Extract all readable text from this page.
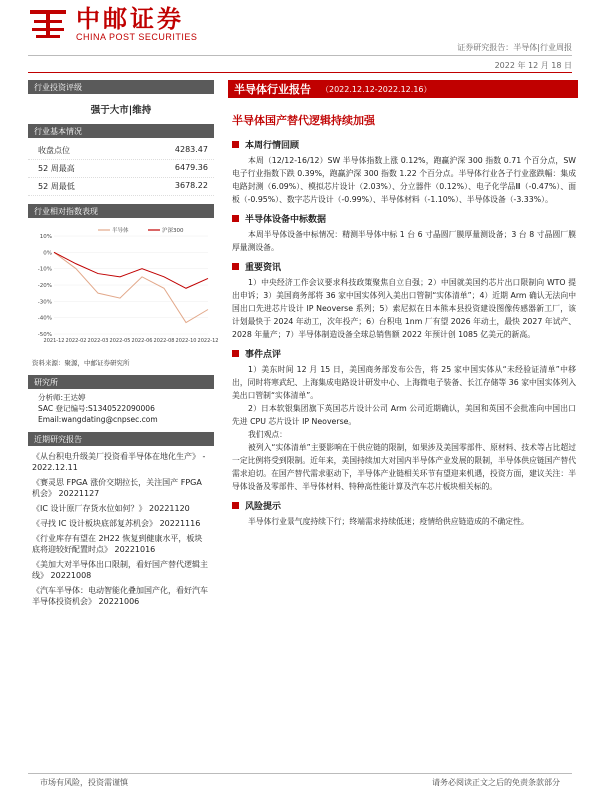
中邮证券
CHINA POST SECURITIES
证券研究报告：半导体|行业周报
2022 年 12 月 18 日
行业投资评级
强于大市|维持
行业基本情况
收盘点位	4283.47
52 周最高	6479.36
52 周最低	3678.22
行业相对指数表现
10%
0%
-10%
-20%
-30%
-40%
-50%
2021-12 2022-02 2022-03 2022-05 2022-06 2022-08 2022-10 2022-12
半导体	沪深300
资料来源：聚源，中邮证券研究所
研究所
分析师:王达婷
SAC 登记编号:S1340522090006
Email:wangdating@cnpsec.com
近期研究报告
《从台积电升级美厂投资看半导体在地化生产》 - 2022.12.11
《赛灵思 FPGA 涨价交期拉长，关注国产 FPGA 机会》 20221127
《IC 设计原厂存货水位如何？》 20221120
《寻找 IC 设计板块底部复苏机会》 20221116
《行业库存有望在 2H22 恢复到健康水平，板块底将迎较好配置时点》 20221016
《美加大对半导体出口限制，看好国产替代逻辑主线》 20221008
《汽车半导体：电动智能化叠加国产化，看好汽车半导体投资机会》 20221006
半导体行业报告 （2022.12.12-2022.12.16）
半导体国产替代逻辑持续加强
本周行情回顾
本周（12/12-16/12）SW 半导体指数上涨 0.12%，跑赢沪深 300 指数 0.71 个百分点，SW 电子行业指数下跌 0.39%，跑赢沪深 300 指数 1.22 个百分点。半导体行业各子行业涨跌幅：集成电路封测（6.09%）、模拟芯片设计（2.03%）、分立器件（0.12%）、电子化学品Ⅲ（-0.47%）、面板（-0.95%）、数字芯片设计（-0.99%）、半导体材料（-1.10%）、半导体设备（-3.33%）。
半导体设备中标数据
本周半导体设备中标情况：精测半导体中标 1 台 6 寸晶圆厂膜厚量测设备；3 台 8 寸晶圆厂膜厚量测设备。
重要资讯
1）中央经济工作会议要求科技政策聚焦自立自强；2）中国就美国约芯片出口限制向 WTO 提出申诉；3）美国商务部将 36 家中国实体列入美出口管制“实体清单”；4）近期 Arm 确认无法向中国出口先进芯片设计 IP Neoverse 系列；5）索尼拟在日本熊本县投资建设图像传感器新工厂，该计划最快于 2024 年动工，次年投产；6）台积电 1nm 厂有望 2026 年动土，最快 2027 年试产、2028 年量产；7）半导体制造设备全球总销售额 2022 年预计创 1085 亿美元的新高。
事件点评
1）美东时间 12 月 15 日，美国商务部发布公告，将 25 家中国实体从“未经验证清单”中移出，同时将寒武纪、上海集成电路设计研发中心、上海微电子装备、长江存储等 36 家中国实体列入美出口管制“实体清单”。
2）日本软银集团旗下英国芯片设计公司 Arm 公司近期确认，美国和英国不会批准向中国出口先进 CPU 芯片设计 IP Neoverse。
我们观点：
被列入“实体清单”主要影响在于供应链的限制，如果涉及美国零部件、原材料、技术等占比超过一定比例将受到限制。近年来，美国持续加大对国内半导体产业发展的限制，半导体供应链国产替代需求迫切。在国产替代需求驱动下，半导体产业链相关环节有望迎来机遇，投资方面，建议关注：半导体设备及零部件、半导体材料、特种高性能计算及汽车芯片板块相关标的。
风险提示
半导体行业景气度持续下行；终端需求持续低迷；疫情给供应链造成的不确定性。
市场有风险，投资需谨慎	请务必阅读正文之后的免责条款部分
